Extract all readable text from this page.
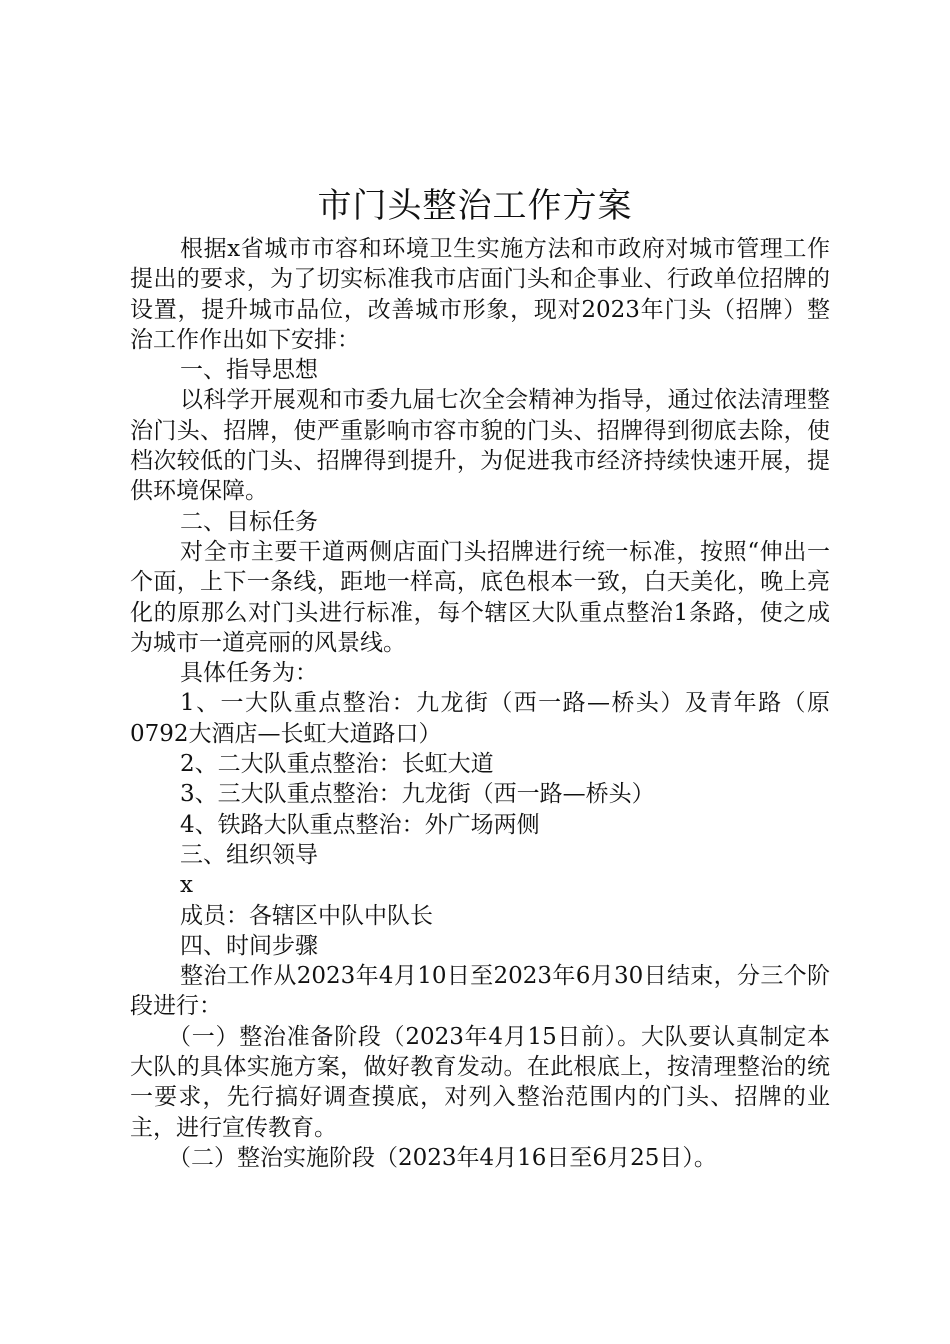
市门头整治工作方案

根据x省城市市容和环境卫生实施方法和市政府对城市管理工作提出的要求，为了切实标准我市店面门头和企事业、行政单位招牌的设置，提升城市品位，改善城市形象，现对2023年门头（招牌）整治工作作出如下安排：

一、指导思想

以科学开展观和市委九届七次全会精神为指导，通过依法清理整治门头、招牌，使严重影响市容市貌的门头、招牌得到彻底去除，使档次较低的门头、招牌得到提升，为促进我市经济持续快速开展，提供环境保障。

二、目标任务

对全市主要干道两侧店面门头招牌进行统一标准，按照“伸出一个面，上下一条线，距地一样高，底色根本一致，白天美化，晚上亮化的原那么对门头进行标准，每个辖区大队重点整治1条路，使之成为城市一道亮丽的风景线。

具体任务为：

1、一大队重点整治：九龙街（西一路—桥头）及青年路（原0792大酒店—长虹大道路口）

2、二大队重点整治：长虹大道

3、三大队重点整治：九龙街（西一路—桥头）

4、铁路大队重点整治：外广场两侧

三、组织领导

x

成员：各辖区中队中队长

四、时间步骤

整治工作从2023年4月10日至2023年6月30日结束，分三个阶段进行：

（一）整治准备阶段（2023年4月15日前）。大队要认真制定本大队的具体实施方案，做好教育发动。在此根底上，按清理整治的统一要求，先行搞好调查摸底，对列入整治范围内的门头、招牌的业主，进行宣传教育。

（二）整治实施阶段（2023年4月16日至6月25日）。
